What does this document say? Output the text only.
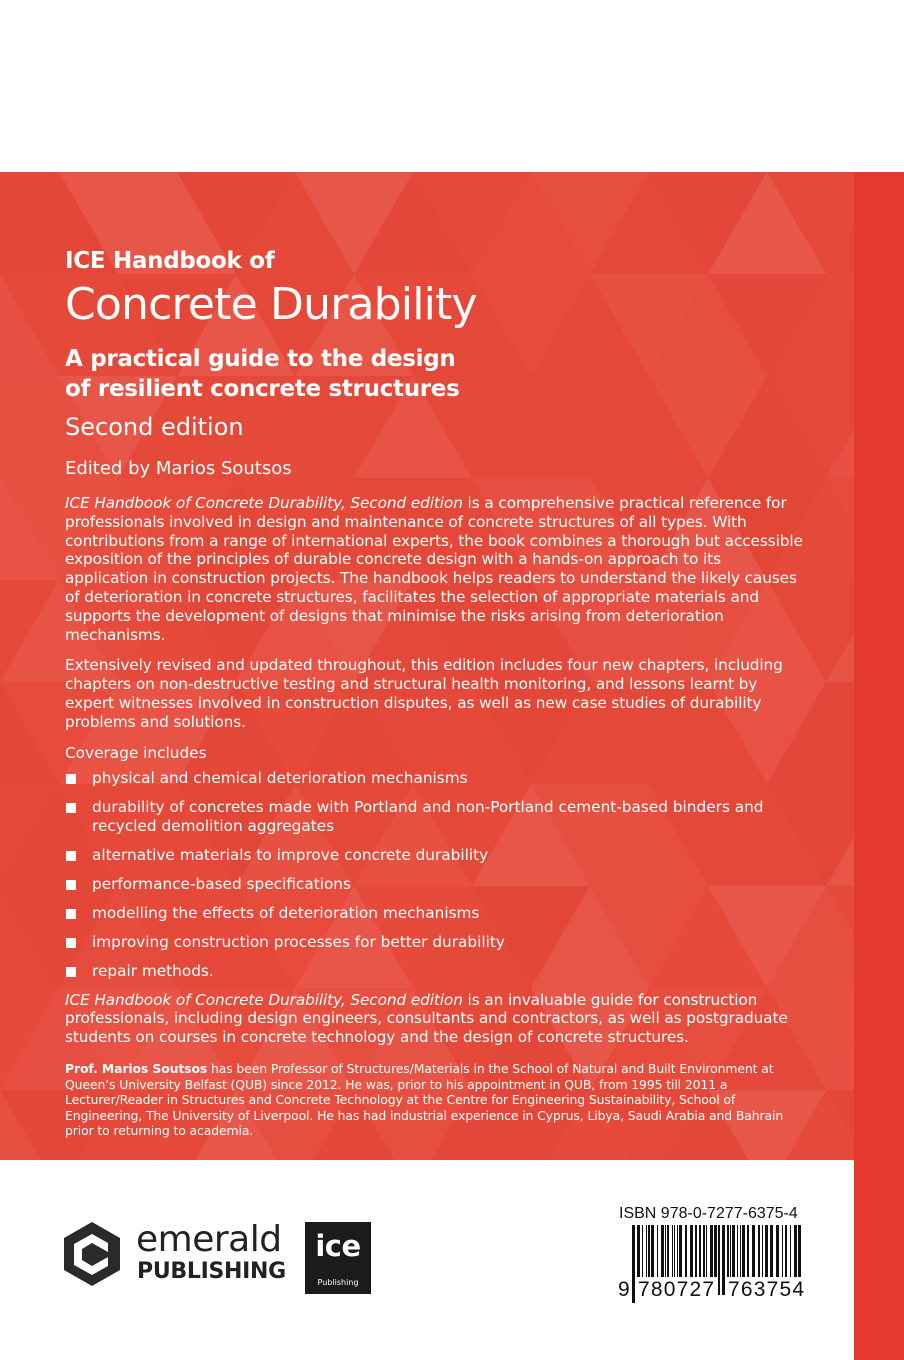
ICE Handbook of
Concrete Durability
A practical guide to the design
of resilient concrete structures
Second edition
Edited by Marios Soutsos
ICE Handbook of Concrete Durability, Second edition is a comprehensive practical reference for professionals involved in design and maintenance of concrete structures of all types. With contributions from a range of international experts, the book combines a thorough but accessible exposition of the principles of durable concrete design with a hands-on approach to its application in construction projects. The handbook helps readers to understand the likely causes of deterioration in concrete structures, facilitates the selection of appropriate materials and supports the development of designs that minimise the risks arising from deterioration mechanisms.
Extensively revised and updated throughout, this edition includes four new chapters, including chapters on non-destructive testing and structural health monitoring, and lessons learnt by expert witnesses involved in construction disputes, as well as new case studies of durability problems and solutions.
Coverage includes
physical and chemical deterioration mechanisms
durability of concretes made with Portland and non-Portland cement-based binders and recycled demolition aggregates
alternative materials to improve concrete durability
performance-based specifications
modelling the effects of deterioration mechanisms
improving construction processes for better durability
repair methods.
ICE Handbook of Concrete Durability, Second edition is an invaluable guide for construction professionals, including design engineers, consultants and contractors, as well as postgraduate students on courses in concrete technology and the design of concrete structures.
Prof. Marios Soutsos has been Professor of Structures/Materials in the School of Natural and Built Environment at Queen’s University Belfast (QUB) since 2012. He was, prior to his appointment in QUB, from 1995 till 2011 a Lecturer/Reader in Structures and Concrete Technology at the Centre for Engineering Sustainability, School of Engineering, The University of Liverpool. He has had industrial experience in Cyprus, Libya, Saudi Arabia and Bahrain prior to returning to academia.
emerald
PUBLISHING
ice
Publishing
ISBN 978-0-7277-6375-4
9 780727 763754
